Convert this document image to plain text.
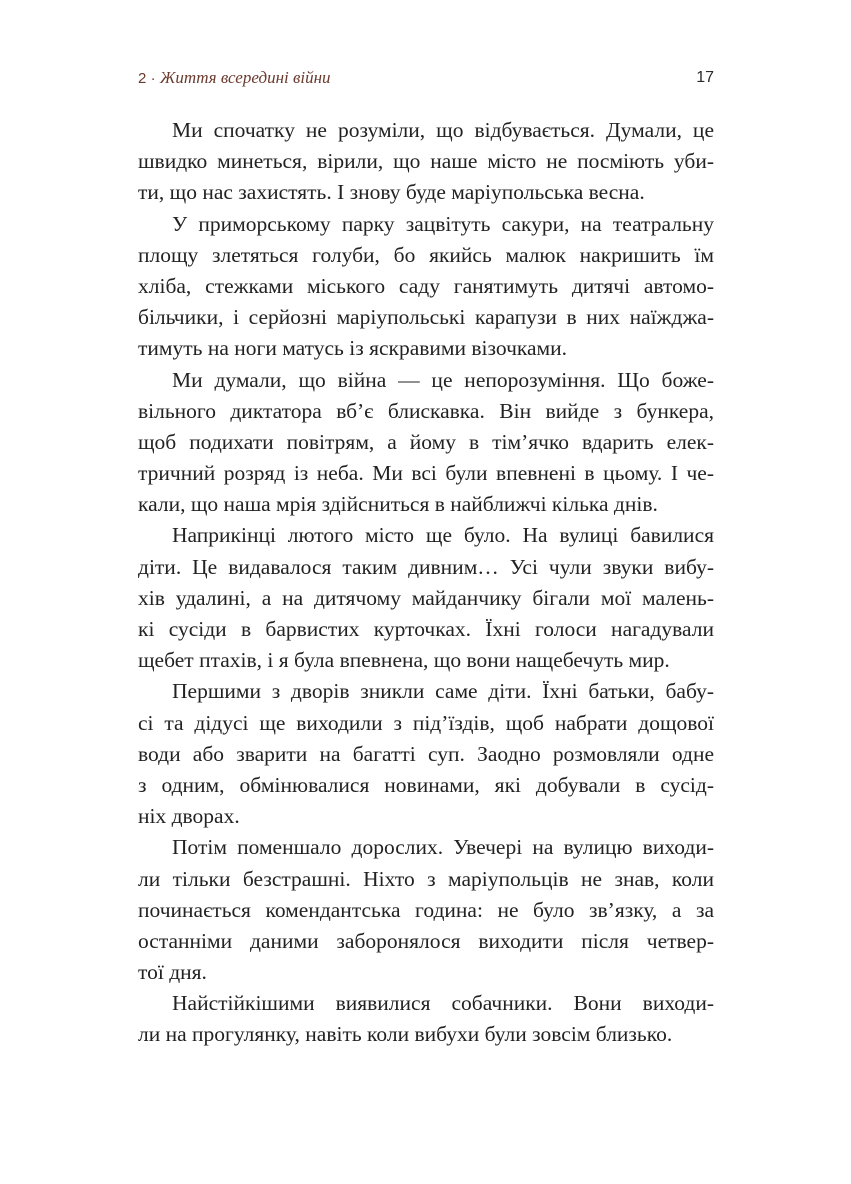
2 · Життя всередині війни	17
Ми спочатку не розуміли, що відбувається. Думали, це
швидко минеться, вірили, що наше місто не посміють уби-
ти, що нас захистять. І знову буде маріупольська весна.
У приморському парку зацвітуть сакури, на театральну
площу злетяться голуби, бо якийсь малюк накришить їм
хліба, стежками міського саду ганятимуть дитячі автомо-
більчики, і серйозні маріупольські карапузи в них наїжджа-
тимуть на ноги матусь із яскравими візочками.
Ми думали, що війна — це непорозуміння. Що боже-
вільного диктатора вб’є блискавка. Він вийде з бункера,
щоб подихати повітрям, а йому в тім’ячко вдарить елек-
тричний розряд із неба. Ми всі були впевнені в цьому. І че-
кали, що наша мрія здійсниться в найближчі кілька днів.
Наприкінці лютого місто ще було. На вулиці бавилися
діти. Це видавалося таким дивним… Усі чули звуки вибу-
хів удалині, а на дитячому майданчику бігали мої малень-
кі сусіди в барвистих курточках. Їхні голоси нагадували
щебет птахів, і я була впевнена, що вони нащебечуть мир.
Першими з дворів зникли саме діти. Їхні батьки, бабу-
сі та дідусі ще виходили з під’їздів, щоб набрати дощової
води або зварити на багатті суп. Заодно розмовляли одне
з одним, обмінювалися новинами, які добували в сусід-
ніх дворах.
Потім поменшало дорослих. Увечері на вулицю виходи-
ли тільки безстрашні. Ніхто з маріупольців не знав, коли
починається комендантська година: не було зв’язку, а за
останніми даними заборонялося виходити після четвер-
тої дня.
Найстійкішими виявилися собачники. Вони виходи-
ли на прогулянку, навіть коли вибухи були зовсім близько.
